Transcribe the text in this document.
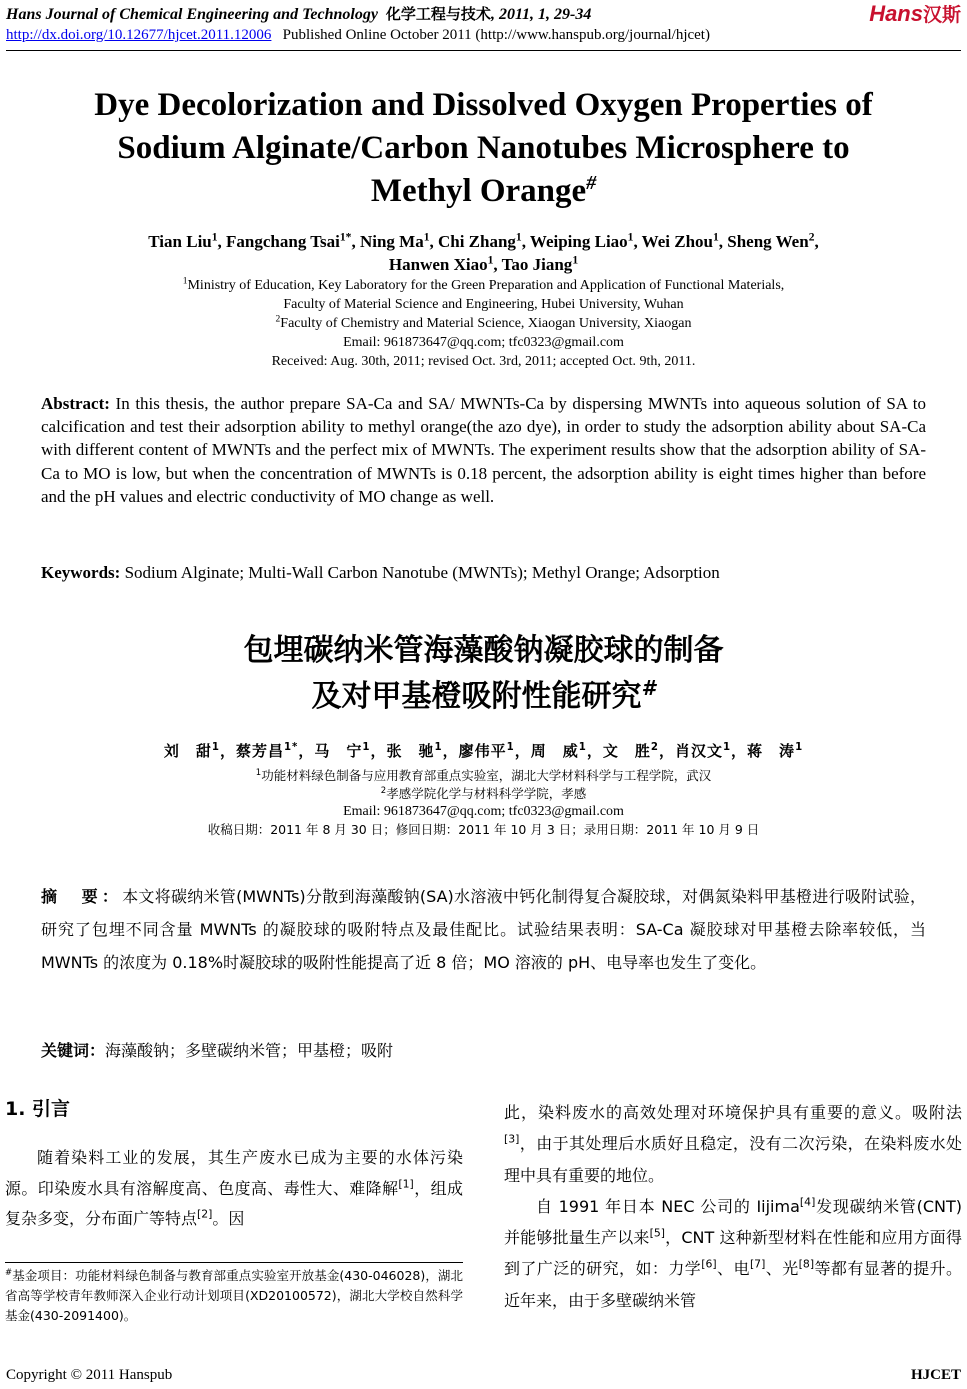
Hans Journal of Chemical Engineering and Technology 化学工程与技术, 2011, 1, 29-34	Hans汉斯
http://dx.doi.org/10.12677/hjcet.2011.12006 Published Online October 2011 (http://www.hanspub.org/journal/hjcet)
Dye Decolorization and Dissolved Oxygen Properties of
Sodium Alginate/Carbon Nanotubes Microsphere to
Methyl Orange#
Tian Liu$^1$, Fangchang Tsai$^{1*}$, Ning Ma$^1$, Chi Zhang$^1$, Weiping Liao$^1$, Wei Zhou$^1$, Sheng Wen$^2$,
Hanwen Xiao$^1$, Tao Jiang$^1$
$^1$Ministry of Education, Key Laboratory for the Green Preparation and Application of Functional Materials,
Faculty of Material Science and Engineering, Hubei University, Wuhan
$^2$Faculty of Chemistry and Material Science, Xiaogan University, Xiaogan
Email: 961873647@qq.com; tfc0323@gmail.com
Received: Aug. 30th, 2011; revised Oct. 3rd, 2011; accepted Oct. 9th, 2011.
Abstract: In this thesis, the author prepare SA-Ca and SA/ MWNTs-Ca by dispersing MWNTs into aqueous solution of SA to calcification and test their adsorption ability to methyl orange(the azo dye), in order to study the adsorption ability about SA-Ca with different content of MWNTs and the perfect mix of MWNTs. The experiment results show that the adsorption ability of SA-Ca to MO is low, but when the concentration of MWNTs is 0.18 percent, the adsorption ability is eight times higher than before and the pH values and electric conductivity of MO change as well.
Keywords: Sodium Alginate; Multi-Wall Carbon Nanotube (MWNTs); Methyl Orange; Adsorption
包埋碳纳米管海藻酸钠凝胶球的制备
及对甲基橙吸附性能研究#
刘　甜$^1$，蔡芳昌$^{1*}$，马　宁$^1$，张　驰$^1$，廖伟平$^1$，周　威$^1$，文　胜$^2$，肖汉文$^1$，蒋　涛$^1$
$^1$功能材料绿色制备与应用教育部重点实验室，湖北大学材料科学与工程学院，武汉
$^2$孝感学院化学与材料科学学院，孝感
Email: 961873647@qq.com; tfc0323@gmail.com
收稿日期：2011 年 8 月 30 日；修回日期：2011 年 10 月 3 日；录用日期：2011 年 10 月 9 日
摘　要：本文将碳纳米管(MWNTs)分散到海藻酸钠(SA)水溶液中钙化制得复合凝胶球，对偶氮染料甲基橙进行吸附试验，研究了包埋不同含量 MWNTs 的凝胶球的吸附特点及最佳配比。试验结果表明：SA-Ca 凝胶球对甲基橙去除率较低，当 MWNTs 的浓度为 0.18%时凝胶球的吸附性能提高了近 8 倍；MO 溶液的 pH、电导率也发生了变化。
关键词：海藻酸钠；多壁碳纳米管；甲基橙；吸附
1. 引言

随着染料工业的发展，其生产废水已成为主要的水体污染源。印染废水具有溶解度高、色度高、毒性大、难降解[1]，组成复杂多变，分布面广等特点[2]。因

此，染料废水的高效处理对环境保护具有重要的意义。吸附法[3]，由于其处理后水质好且稳定，没有二次污染，在染料废水处理中具有重要的地位。

自 1991 年日本 NEC 公司的 Iijima[4]发现碳纳米管(CNT)并能够批量生产以来[5]，CNT 这种新型材料在性能和应用方面得到了广泛的研究，如：力学[6]、电[7]、光[8]等都有显著的提升。近年来，由于多壁碳纳米管

#基金项目：功能材料绿色制备与教育部重点实验室开放基金(430-046028)，湖北省高等学校青年教师深入企业行动计划项目(XD20100572)，湖北大学校自然科学基金(430-2091400)。
Copyright © 2011 Hanspub	HJCET
